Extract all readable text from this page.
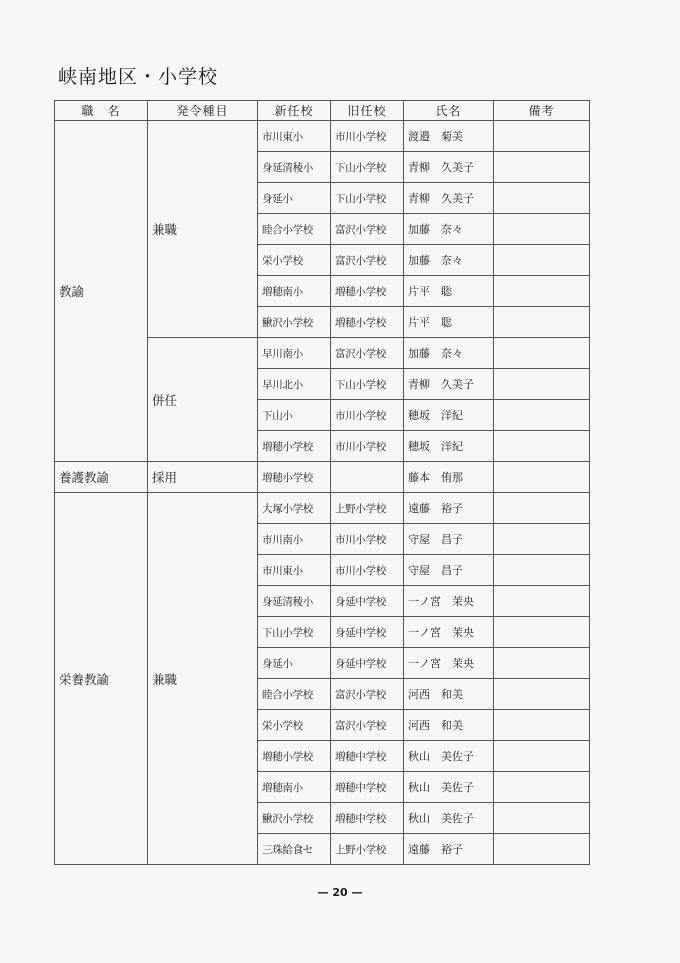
峡南地区・小学校
職　名	発令種目	新任校	旧任校	氏名	備考
教諭	兼職	市川東小	市川小学校	渡邉　菊美	
		身延清稜小	下山小学校	青柳　久美子	
		身延小	下山小学校	青柳　久美子	
		睦合小学校	富沢小学校	加藤　奈々	
		栄小学校	富沢小学校	加藤　奈々	
		増穂南小	増穂小学校	片平　聡	
		鰍沢小学校	増穂小学校	片平　聡	
	併任	早川南小	富沢小学校	加藤　奈々	
		早川北小	下山小学校	青柳　久美子	
		下山小	市川小学校	穂坂　洋紀	
		増穂小学校	市川小学校	穂坂　洋紀	
養護教諭	採用	増穂小学校		藤本　侑那	
栄養教諭	兼職	大塚小学校	上野小学校	遠藤　裕子	
		市川南小	市川小学校	守屋　昌子	
		市川東小	市川小学校	守屋　昌子	
		身延清稜小	身延中学校	一ノ宮　茉央	
		下山小学校	身延中学校	一ノ宮　茉央	
		身延小	身延中学校	一ノ宮　茉央	
		睦合小学校	富沢小学校	河西　和美	
		栄小学校	富沢小学校	河西　和美	
		増穂小学校	増穂中学校	秋山　美佐子	
		増穂南小	増穂中学校	秋山　美佐子	
		鰍沢小学校	増穂中学校	秋山　美佐子	
		三珠給食セ	上野小学校	遠藤　裕子	
— 20 —
